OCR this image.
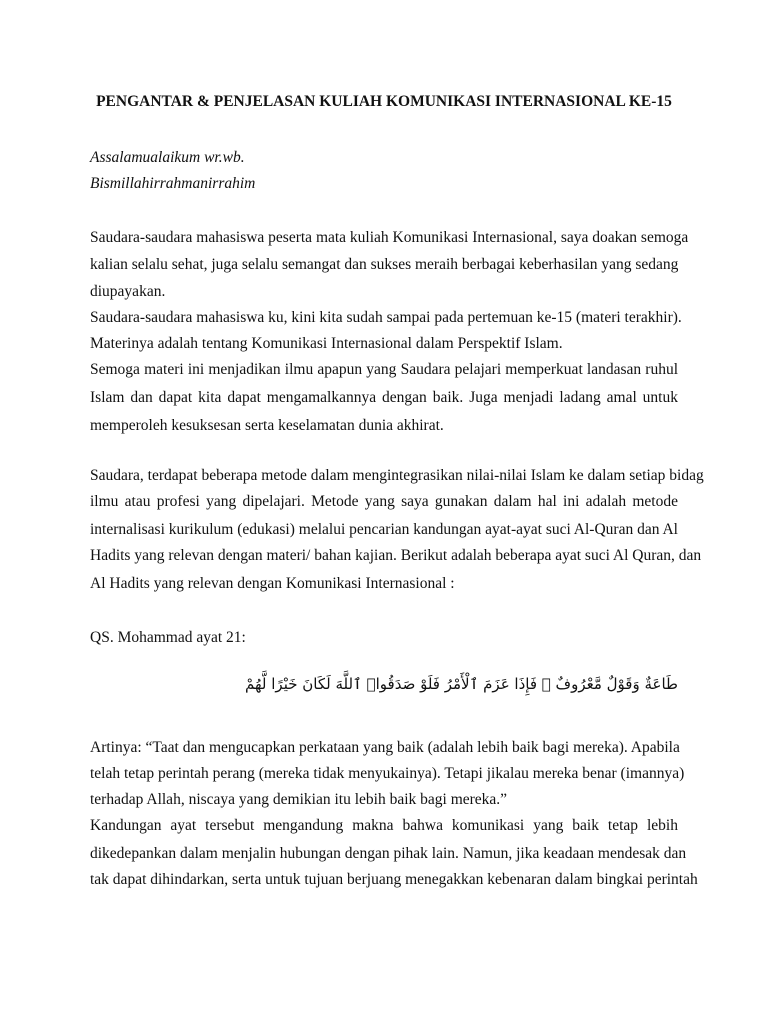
PENGANTAR & PENJELASAN KULIAH KOMUNIKASI INTERNASIONAL KE-15
Assalamualaikum wr.wb.
Bismillahirrahmanirrahim
Saudara-saudara mahasiswa peserta mata kuliah Komunikasi Internasional, saya doakan semoga
kalian selalu sehat, juga selalu semangat dan sukses meraih berbagai keberhasilan yang sedang
diupayakan.
Saudara-saudara mahasiswa ku, kini kita sudah sampai pada pertemuan ke-15 (materi terakhir).
Materinya adalah tentang Komunikasi Internasional dalam Perspektif Islam.
Semoga materi ini menjadikan ilmu apapun yang Saudara pelajari memperkuat landasan ruhul
Islam dan dapat kita dapat mengamalkannya dengan baik. Juga menjadi ladang amal untuk
memperoleh kesuksesan serta keselamatan dunia akhirat.
Saudara, terdapat beberapa metode dalam mengintegrasikan nilai-nilai Islam ke dalam setiap bidag
ilmu atau profesi yang dipelajari. Metode yang saya gunakan dalam hal ini adalah metode
internalisasi kurikulum (edukasi) melalui pencarian kandungan ayat-ayat suci Al-Quran dan Al
Hadits yang relevan dengan materi/ bahan kajian. Berikut adalah beberapa ayat suci Al Quran, dan
Al Hadits yang relevan dengan Komunikasi Internasional :
QS. Mohammad ayat 21:
طَاعَةٌ وَقَوْلٌ مَّعْرُوفٌ ۚ فَإِذَا عَزَمَ ٱلْأَمْرُ فَلَوْ صَدَقُوا۟ ٱللَّهَ لَكَانَ خَيْرًا لَّهُمْ
Artinya: “Taat dan mengucapkan perkataan yang baik (adalah lebih baik bagi mereka). Apabila
telah tetap perintah perang (mereka tidak menyukainya). Tetapi jikalau mereka benar (imannya)
terhadap Allah, niscaya yang demikian itu lebih baik bagi mereka.”
Kandungan ayat tersebut mengandung makna bahwa komunikasi yang baik tetap lebih
dikedepankan dalam menjalin hubungan dengan pihak lain. Namun, jika keadaan mendesak dan
tak dapat dihindarkan, serta untuk tujuan berjuang menegakkan kebenaran dalam bingkai perintah
